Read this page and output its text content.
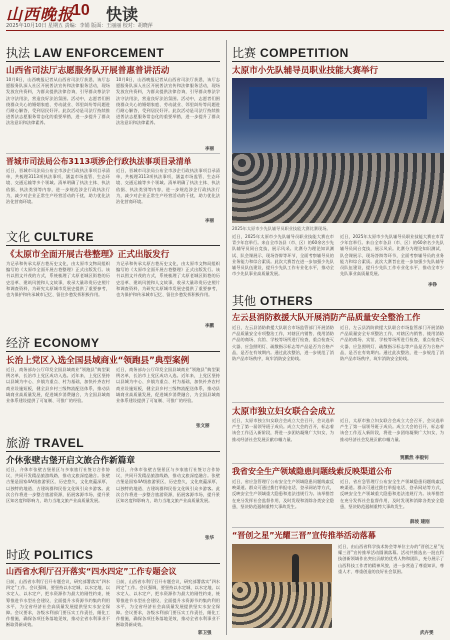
山西晚报
10 快读
2025年10月10日 星期五 责编：李娟 版面：王丽丽 校对：胡晓萍
执法 LAW ENFORCEMENT
山西省司法厅志愿服务队开展普惠普讲活动
10月8日，山西晚报记者从山西省司法厅获悉，该厅志愿服务队深入社区开展普法宣传和法律服务活动，现场发放宣传资料，为群众提供法律咨询，引导群众尊法学法守法用法，营造良好法治氛围。活动中，志愿者们围绕群众关心的婚姻家庭、劳动就业、邻里纠纷等问题进行耐心解答，受到居民好评。此次活动是司法厅持续推进普法志愿服务常态化的重要举措，进一步提升了群众法治意识和法律素养。
10月8日，山西晚报记者从山西省司法厅获悉，该厅志愿服务队深入社区开展普法宣传和法律服务活动，现场发放宣传资料，为群众提供法律咨询，引导群众尊法学法守法用法，营造良好法治氛围。活动中，志愿者们围绕群众关心的婚姻家庭、劳动就业、邻里纠纷等问题进行耐心解答，受到居民好评。此次活动是司法厅持续推进普法志愿服务常态化的重要举措，进一步提升了群众法治意识和法律素养。
李丽
晋城市司法局公布3113项涉企行政执法事项目录清单
近日，晋城市司法局公布全市涉企行政执法事项目录清单，共梳理3113项执法事项，涵盖市场监管、生态环境、交通运输等多个领域。清单明确了执法主体、执法依据、执法类别等内容，进一步规范涉企行政执法行为，减少对企业正常生产经营活动的干扰，助力优化法治化营商环境。
近日，晋城市司法局公布全市涉企行政执法事项目录清单，共梳理3113项执法事项，涵盖市场监管、生态环境、交通运输等多个领域。清单明确了执法主体、执法依据、执法类别等内容，进一步规范涉企行政执法行为，减少对企业正常生产经营活动的干扰，助力优化法治化营商环境。
李丽
文化 CULTURE
《太原市全面开展古巷整理》正式出版发行
为记录和传承太原古巷历史文化，由太原市文物局组织编写的《太原市全面开展古巷整理》正式出版发行。该书以图文并茂的方式，系统梳理了太原老城区街巷的历史沿革、建筑风貌和人文故事，收录大量珍贵历史照片和调查资料，为研究太原城市发展史提供了重要参考，也为保护和传承城市记忆、留住乡愁发挥积极作用。
为记录和传承太原古巷历史文化，由太原市文物局组织编写的《太原市全面开展古巷整理》正式出版发行。该书以图文并茂的方式，系统梳理了太原老城区街巷的历史沿革、建筑风貌和人文故事，收录大量珍贵历史照片和调查资料，为研究太原城市发展史提供了重要参考，也为保护和传承城市记忆、留住乡愁发挥积极作用。
李鹏
经济 ECONOMY
长治上党区入选全国县域商业“领跑县”典型案例
近日，商务部办公厅印发全国县域商业“领跑县”典型案例名单，长治市上党区成功入选。近年来，上党区坚持以县城为中心、乡镇为重点、村为基础，加快补齐农村商业设施短板，健全县乡村三级物流配送体系，推动县域商业高质量发展，促进城乡消费融合，为全国县域商业体系建设提供了可复制、可推广的经验。
近日，商务部办公厅印发全国县域商业“领跑县”典型案例名单，长治市上党区成功入选。近年来，上党区坚持以县城为中心、乡镇为重点、村为基础，加快补齐农村商业设施短板，健全县乡村三级物流配送体系，推动县域商业高质量发展，促进城乡消费融合，为全国县域商业体系建设提供了可复制、可推广的经验。
张文丽
旅游 TRAVEL
介休张壁古堡开启文旅合作新篇章
近日，介休市张壁古堡景区与多家旅行社签订合作协议，共同开发精品旅游线路，推动文旅深度融合。张壁古堡是国家4A级旅游景区，历史悠久，文化底蕴深厚，以独特的地道、古建筑群和民俗文化吸引众多游客。此次合作将进一步整合旅游资源，拓展客源市场，提升景区知名度和影响力，助力当地文旅产业高质量发展。
近日，介休市张壁古堡景区与多家旅行社签订合作协议，共同开发精品旅游线路，推动文旅深度融合。张壁古堡是国家4A级旅游景区，历史悠久，文化底蕴深厚，以独特的地道、古建筑群和民俗文化吸引众多游客。此次合作将进一步整合旅游资源，拓展客源市场，提升景区知名度和影响力，助力当地文旅产业高质量发展。
张华
时政 POLITICS
山西省水利厅召开落实“四水四定”工作专题会议
日前，山西省水利厅召开专题会议，研究部署落实“四水四定”工作。会议强调，要坚持以水定城、以水定地、以水定人、以水定产，把水资源作为最大的刚性约束，统筹推进节水型社会建设，全面提升水资源节约集约利用水平，为全省经济社会高质量发展提供坚实水安全保障。会议要求，各级水利部门要压实工作责任，细化工作措施，确保各项任务落地见效，推动全省水利事业不断取得新成效。
日前，山西省水利厅召开专题会议，研究部署落实“四水四定”工作。会议强调，要坚持以水定城、以水定地、以水定人、以水定产，把水资源作为最大的刚性约束，统筹推进节水型社会建设，全面提升水资源节约集约利用水平，为全省经济社会高质量发展提供坚实水安全保障。会议要求，各级水利部门要压实工作责任，细化工作措施，确保各项任务落地见效，推动全省水利事业不断取得新成效。
郭卫强
比赛 COMPETITION
太原市小先队辅导员职业技能大赛举行
2025年太原市少先队辅导员职业技能大赛比赛现场。
近日，2025年太原市少先队辅导员职业技能大赛在市青少年宫举行。来自全市各县（市、区）的60余名少先队辅导员同台竞技，展示风采。比赛分为理论知识测试、队会课展示、现场答辩等环节，全面考察辅导员的业务能力和综合素质。此次大赛旨在进一步加强少先队辅导员队伍建设，提升少先队工作专业化水平，推动全市少先队事业高质量发展。
近日，2025年太原市少先队辅导员职业技能大赛在市青少年宫举行。来自全市各县（市、区）的60余名少先队辅导员同台竞技，展示风采。比赛分为理论知识测试、队会课展示、现场答辩等环节，全面考察辅导员的业务能力和综合素质。此次大赛旨在进一步加强少先队辅导员队伍建设，提升少先队工作专业化水平，推动全市少先队事业高质量发展。
李铮
其他 OTHERS
左云县消防救援大队开展消防产品质量安全整治工作
近日，左云县消防救援大队联合市场监管部门开展消防产品质量安全专项整治工作，对辖区内销售、使用消防产品的商场、宾馆、学校等场所进行检查，重点检查灭火器、应急照明灯、疏散指示标志等产品是否为合格产品，是否在有效期内。通过此次整治，进一步规范了消防产品市场秩序，筑牢消防安全防线。
近日，左云县消防救援大队联合市场监管部门开展消防产品质量安全专项整治工作，对辖区内销售、使用消防产品的商场、宾馆、学校等场所进行检查，重点检查灭火器、应急照明灯、疏散指示标志等产品是否为合格产品，是否在有效期内。通过此次整治，进一步规范了消防产品市场秩序，筑牢消防安全防线。
太原市独立妇女联合会成立
近日，太原市独立妇女联合会成立大会召开，会议选举产生了第一届领导班子成员。成立大会的召开，标志着该会工作迈入新阶段，将进一步团结凝聚广大妇女，为推动经济社会发展贡献巾帼力量。
近日，太原市独立妇女联合会成立大会召开，会议选举产生了第一届领导班子成员。成立大会的召开，标志着该会工作迈入新阶段，将进一步团结凝聚广大妇女，为推动经济社会发展贡献巾帼力量。
贾鹏然 李毅钊
我省安全生产领域隐患问题线索反映渠道公布
近日，省应急管理厅公布安全生产领域隐患问题线索反映渠道。群众可通过拨打举报电话、登录网站等方式，反映安全生产领域重大隐患和违法违规行为。该举措旨在充分发挥社会监督作用，及时发现和消除各类安全隐患，坚决防范遏制重特大事故发生。
近日，省应急管理厅公布安全生产领域隐患问题线索反映渠道。群众可通过拨打举报电话、登录网站等方式，反映安全生产领域重大隐患和违法违规行为。该举措旨在充分发挥社会监督作用，及时发现和消除各类安全隐患，坚决防范遏制重特大事故发生。
薛坡 建刚
“晋创之星”光耀三晋”宣传推举活动落幕
近日，由山西省科学技术协会等单位主办的“晋创之星”光耀三晋”宣传推举活动圆满落幕。活动共推选出一批在科技创新领域作出突出贡献的优秀人物和团队，充分展示了山西科技工作者的精神风貌，进一步营造了尊重知识、尊重人才、尊重创造的良好社会氛围。
武卉雯
